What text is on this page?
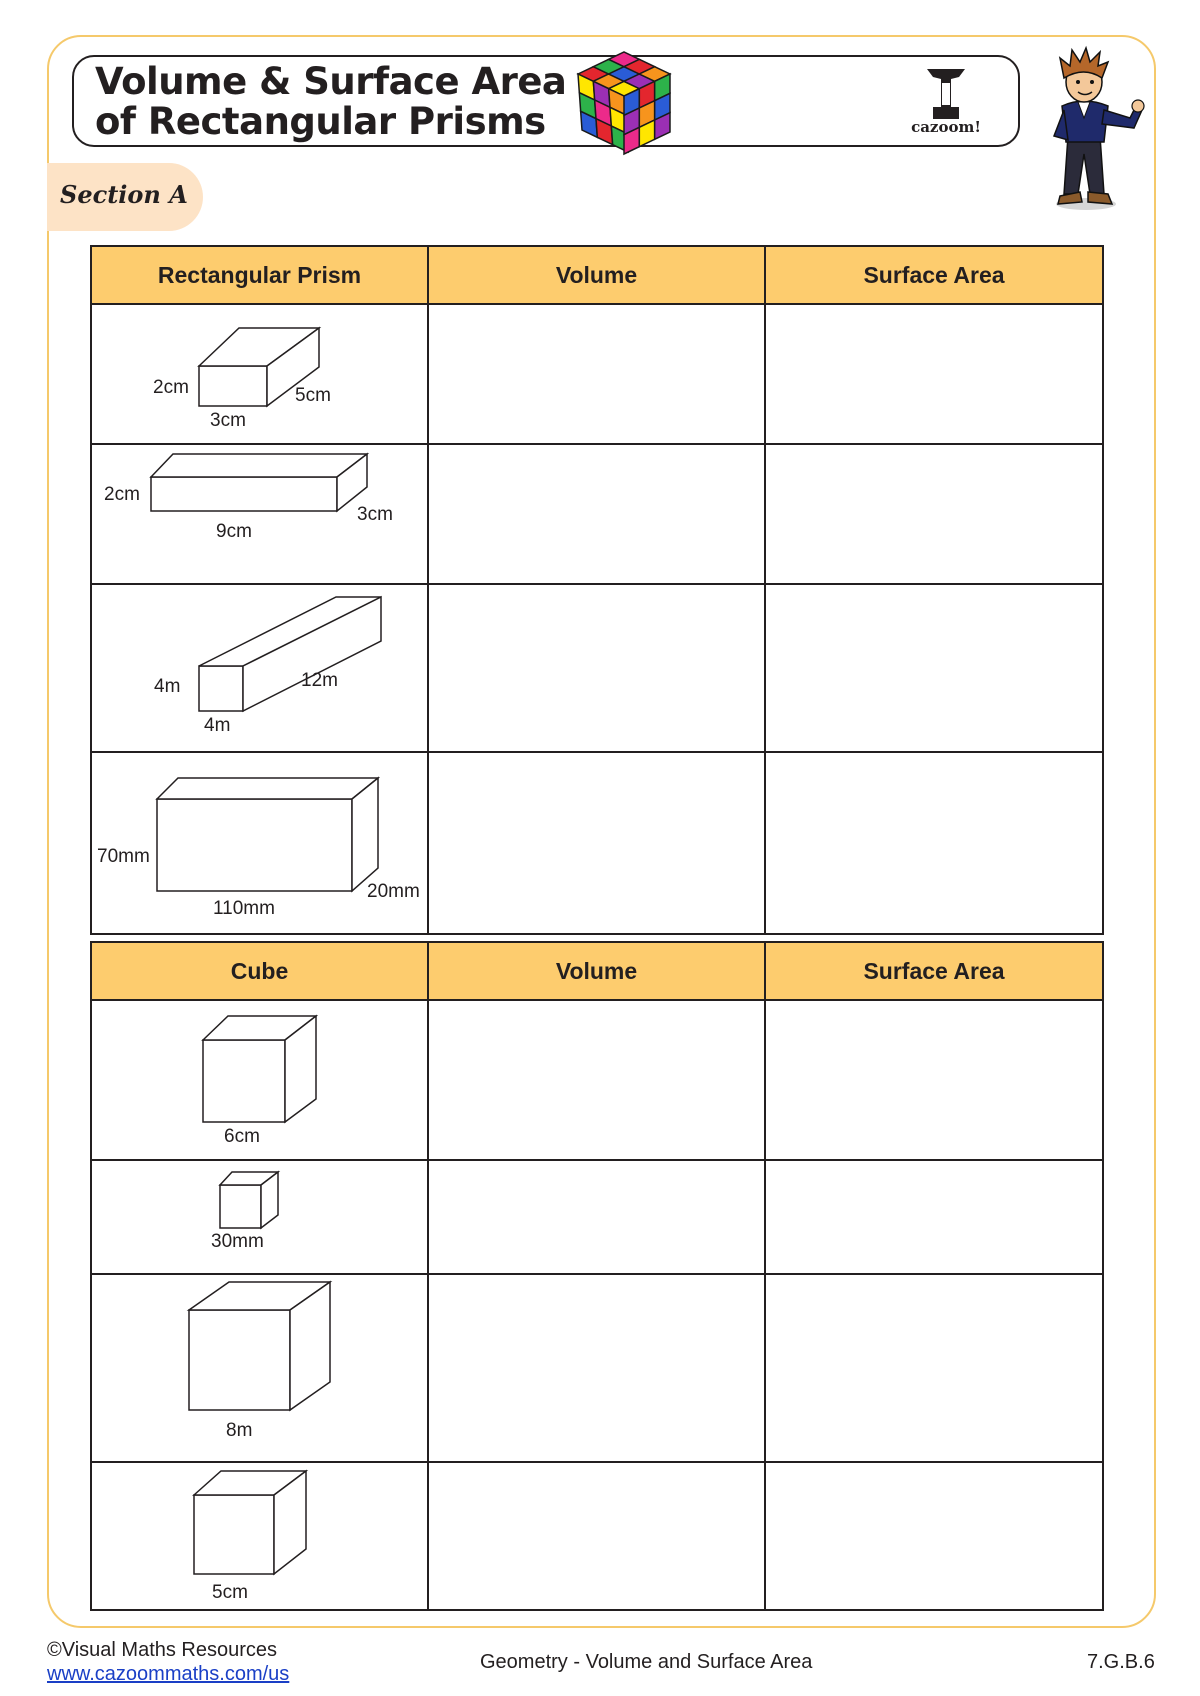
Volume & Surface Area
of Rectangular Prisms	cazoom!
Section A
Rectangular Prism	Volume	Surface Area

2cm 5cm
3cm		

2cm
3cm
9cm		

4m 12m
4m		

70mm
20mm
110mm		

Cube	Volume	Surface Area

6cm		

30mm		

8m		

5cm		

©Visual Maths Resources
www.cazoommaths.com/us
Geometry - Volume and Surface Area	7.G.B.6
